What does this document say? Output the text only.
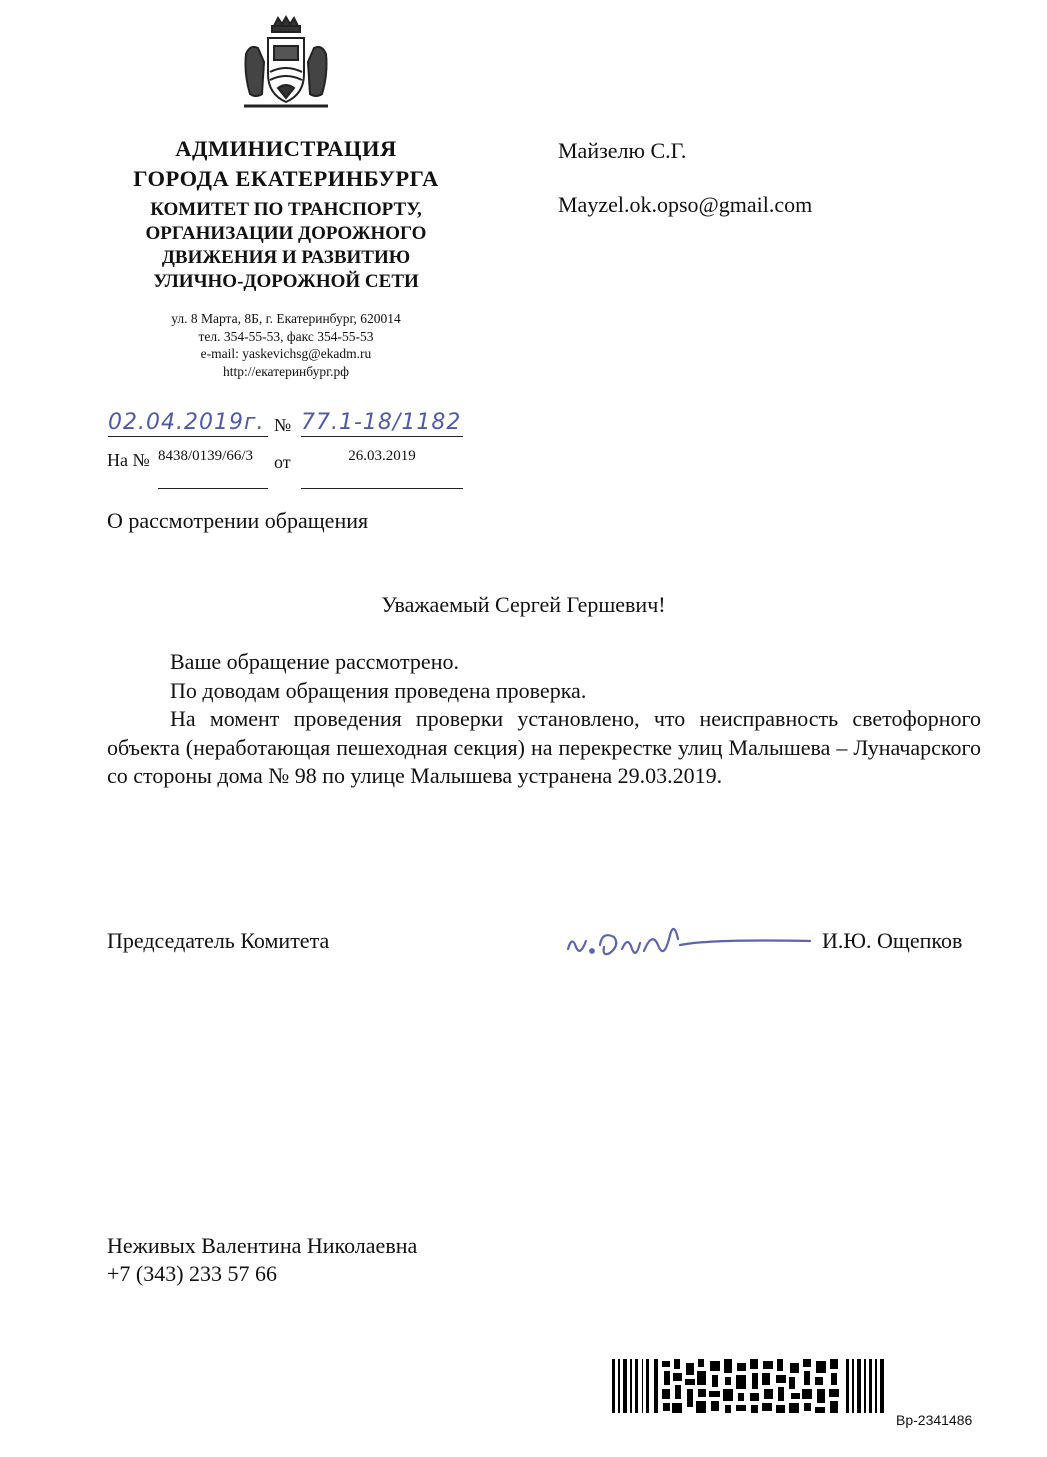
АДМИНИСТРАЦИЯ
ГОРОДА ЕКАТЕРИНБУРГА
КОМИТЕТ ПО ТРАНСПОРТУ,
ОРГАНИЗАЦИИ ДОРОЖНОГО
ДВИЖЕНИЯ И РАЗВИТИЮ
УЛИЧНО-ДОРОЖНОЙ СЕТИ
ул. 8 Марта, 8Б, г. Екатеринбург, 620014
тел. 354-55-53, факс 354-55-53
e-mail: yaskevichsg@ekadm.ru
http://екатеринбург.рф
Майзелю С.Г.
Mayzel.ok.opso@gmail.com
02.04.2019г. № 77.1-18/1182
На № 8438/0139/66/3	от	26.03.2019
О рассмотрении обращения
Уважаемый Сергей Гершевич!

Ваше обращение рассмотрено.

По доводам обращения проведена проверка.

На момент проведения проверки установлено, что неисправность светофорного объекта (неработающая пешеходная секция) на перекрестке улиц Малышева – Луначарского со стороны дома № 98 по улице Малышева устранена 29.03.2019.

Председатель Комитета	И.Ю. Ощепков
Неживых Валентина Николаевна
+7 (343) 233 57 66
Вр-2341486
